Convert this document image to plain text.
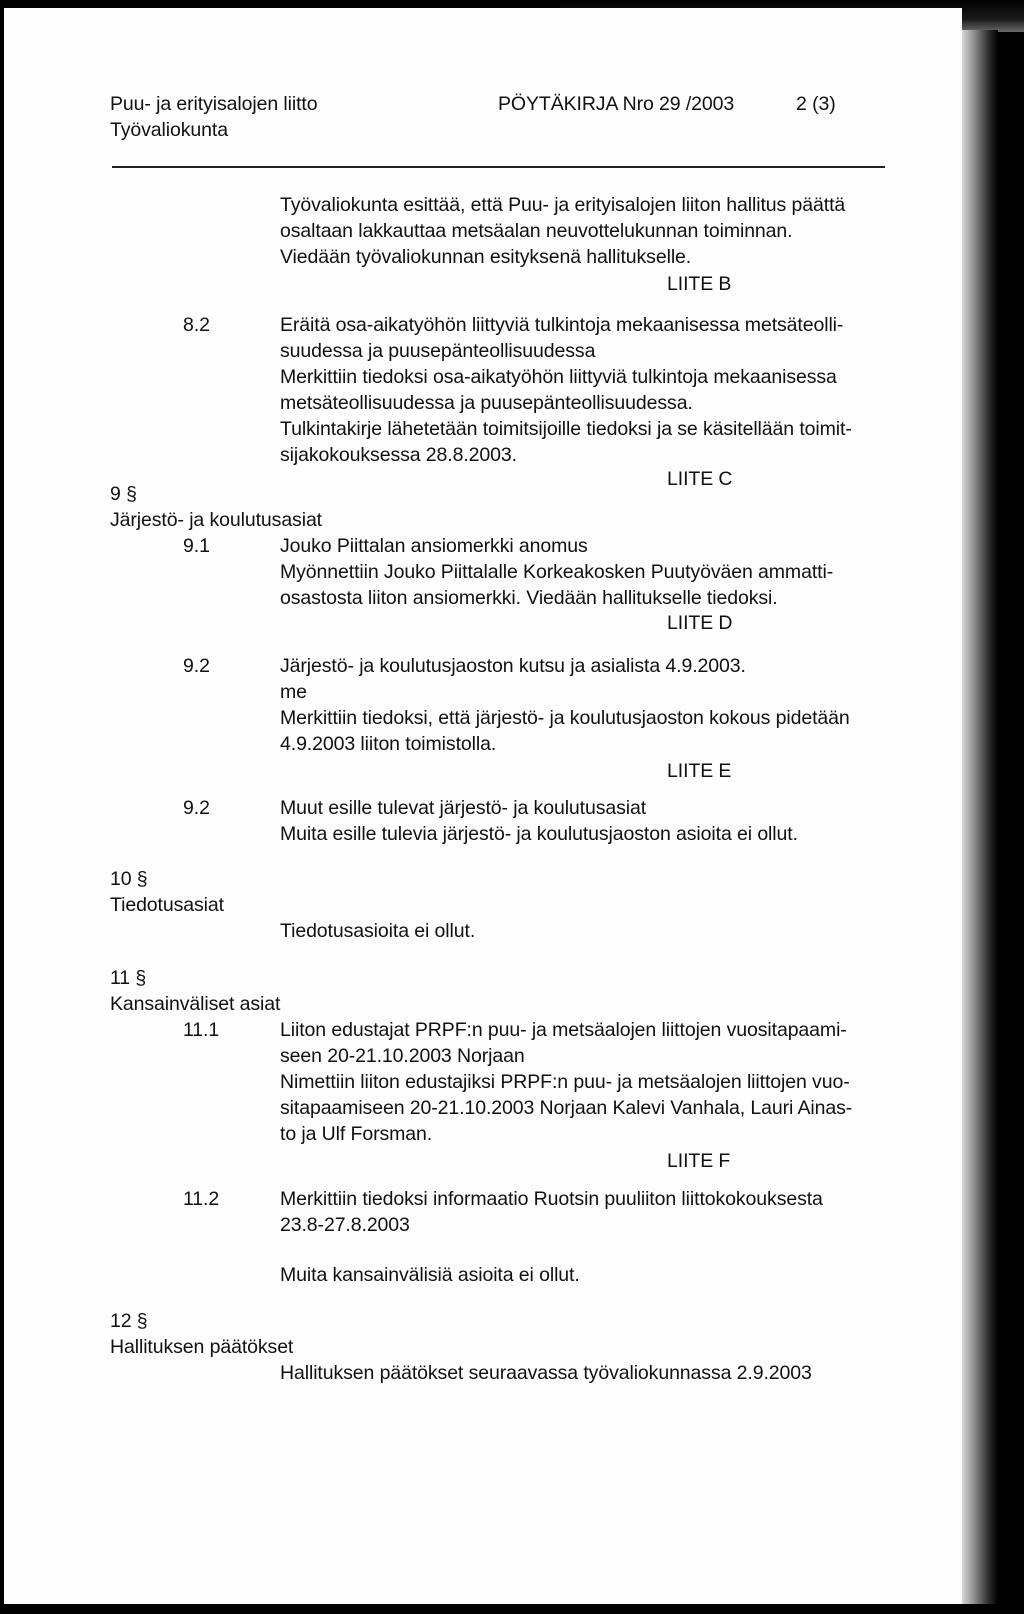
Puu- ja erityisalojen liitto
Työvaliokunta
PÖYTÄKIRJA Nro 29 /2003	2 (3)
Työvaliokunta esittää, että Puu- ja erityisalojen liiton hallitus päättä
osaltaan lakkauttaa metsäalan neuvottelukunnan toiminnan.
Viedään työvaliokunnan esityksenä hallitukselle.
LIITE B
8.2	Eräitä osa-aikatyöhön liittyviä tulkintoja mekaanisessa metsäteolli-
suudessa ja puusepänteollisuudessa
Merkittiin tiedoksi osa-aikatyöhön liittyviä tulkintoja mekaanisessa
metsäteollisuudessa ja puusepänteollisuudessa.
Tulkintakirje lähetetään toimitsijoille tiedoksi ja se käsitellään toimit-
sijakokouksessa 28.8.2003.
LIITE C
9 §
Järjestö- ja koulutusasiat
9.1	Jouko Piittalan ansiomerkki anomus
Myönnettiin Jouko Piittalalle Korkeakosken Puutyöväen ammatti-
osastosta liiton ansiomerkki. Viedään hallitukselle tiedoksi.
LIITE D
9.2	Järjestö- ja koulutusjaoston kutsu ja asialista 4.9.2003.
me
Merkittiin tiedoksi, että järjestö- ja koulutusjaoston kokous pidetään
4.9.2003 liiton toimistolla.
LIITE E
9.2	Muut esille tulevat järjestö- ja koulutusasiat
Muita esille tulevia järjestö- ja koulutusjaoston asioita ei ollut.
10 §
Tiedotusasiat
Tiedotusasioita ei ollut.
11 §
Kansainväliset asiat
11.1	Liiton edustajat PRPF:n puu- ja metsäalojen liittojen vuositapaami-
seen 20-21.10.2003 Norjaan
Nimettiin liiton edustajiksi PRPF:n puu- ja metsäalojen liittojen vuo-
sitapaamiseen 20-21.10.2003 Norjaan Kalevi Vanhala, Lauri Ainas-
to ja Ulf Forsman.
LIITE F
11.2	Merkittiin tiedoksi informaatio Ruotsin puuliiton liittokokouksesta
23.8-27.8.2003
Muita kansainvälisiä asioita ei ollut.
12 §
Hallituksen päätökset
Hallituksen päätökset seuraavassa työvaliokunnassa 2.9.2003
